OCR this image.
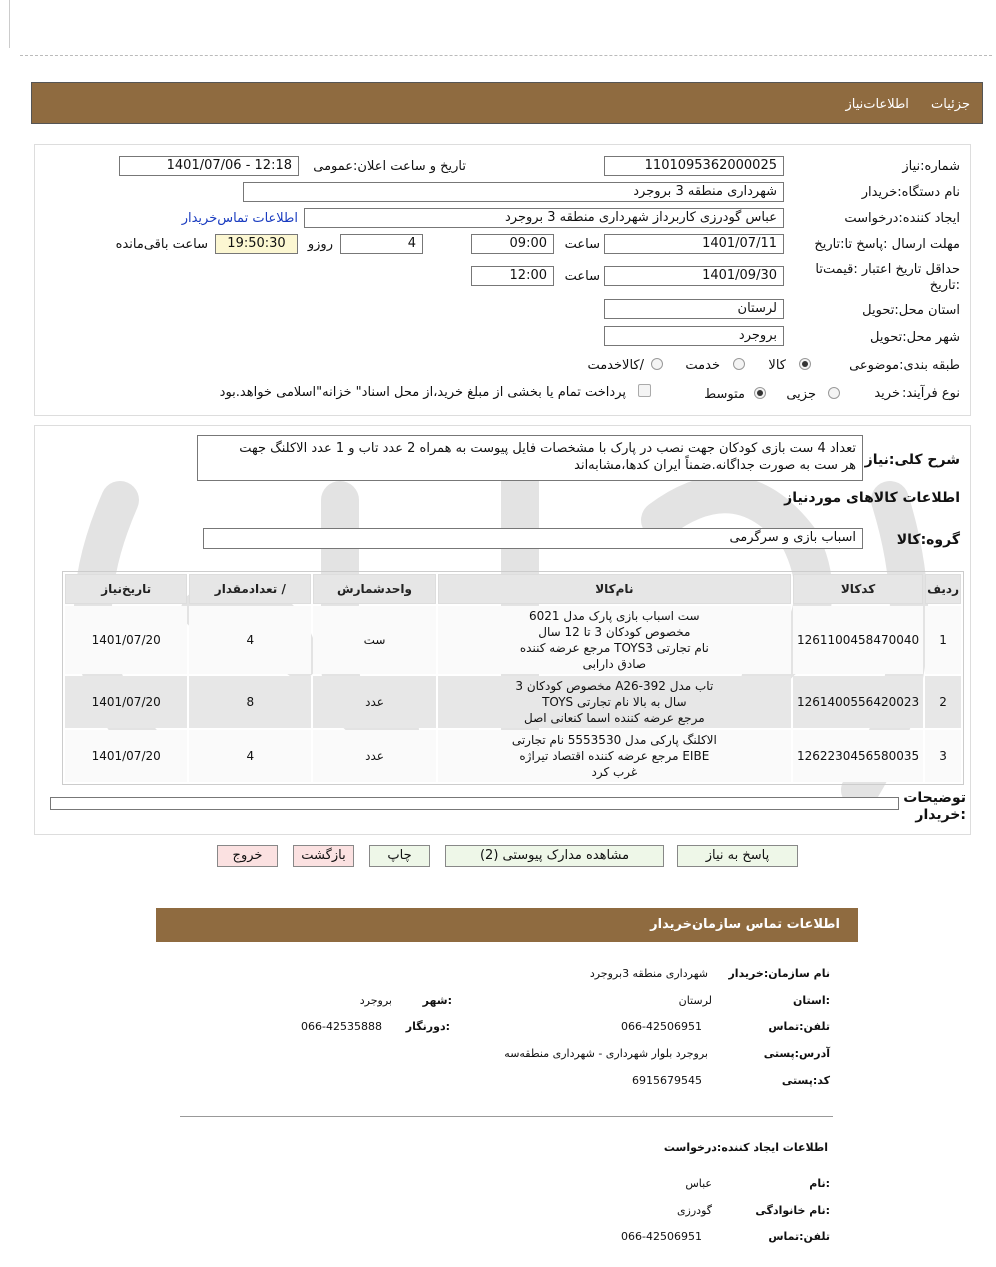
جزئیات اطلاعات‌نیاز
شماره:نیاز
1101095362000025
تاریخ و ساعت اعلان:عمومی
1401/07/06 - 12:18
نام دستگاه:خریدار
شهرداری منطقه 3 بروجرد
ایجاد کننده:درخواست
عباس گودرزی کاربرداز شهرداری منطقه 3 بروجرد
اطلاعات تماس‌خریدار
مهلت ارسال :پاسخ تا:تاریخ
1401/07/11
ساعت
09:00
4
روزو
19:50:30
ساعت باقی‌مانده
حداقل تاریخ اعتبار :قیمت‌تا
:تاریخ
1401/09/30
ساعت
12:00
استان محل:تحویل
لرستان
شهر محل:تحویل
بروجرد
طبقه بندی:موضوعی
کالا
خدمت
/کالاخدمت
نوع فرآیند:
خرید
جزیی
متوسط
پرداخت تمام یا بخشی از مبلغ خرید،از محل اسناد" خزانه"اسلامی خواهد.بود
شرح کلی:نیاز
تعداد 4 ست بازی کودکان جهت نصب در پارک با مشخصات فایل پیوست به همراه 2 عدد تاب و 1 عدد الاکلنگ جهت
هر ست به صورت جداگانه.ضمناً ایران کدها،مشابه‌اند
اطلاعات کالاهای موردنیاز
گروه:کالا
اسباب بازی و سرگرمی
ردیف	کدکالا	نام‌کالا	واحدشمارش	/ تعدادمقدار	تاریخ‌نیاز
1	1261100458470040	ست اسباب بازی پارک مدل 6021
مخصوص کودکان 3 تا 12 سال
نام تجارتی TOYS3 مرجع عرضه کننده
صادق دارابی	ست	4	1401/07/20
2	1261400556420023	تاب مدل 392-A26 مخصوص کودکان 3
سال به بالا نام تجارتی TOYS
مرجع عرضه کننده اسما کنعانی اصل	عدد	8	1401/07/20
3	1262230456580035	الاکلنگ پارکی مدل 5553530 نام تجارتی
EIBE مرجع عرضه کننده اقتصاد تیراژه
غرب کرد	عدد	4	1401/07/20
توضیحات
:خریدار
پاسخ به نیاز
مشاهده مدارک پیوستی (2)
چاپ
بازگشت
خروج
اطلاعات تماس سازمان‌خریدار
نام سازمان:خریدار
شهرداری منطقه 3بروجرد
:استان
لرستان
:شهر
بروجرد
تلفن:تماس
066-42506951
:دورنگار
066-42535888
آدرس:پستی
بروجرد بلوار شهرداری - شهرداری منطقه‌سه
کد:پستی
6915679545
اطلاعات ایجاد کننده:درخواست
:نام
عباس
:نام خانوادگی
گودرزی
تلفن:تماس
066-42506951
